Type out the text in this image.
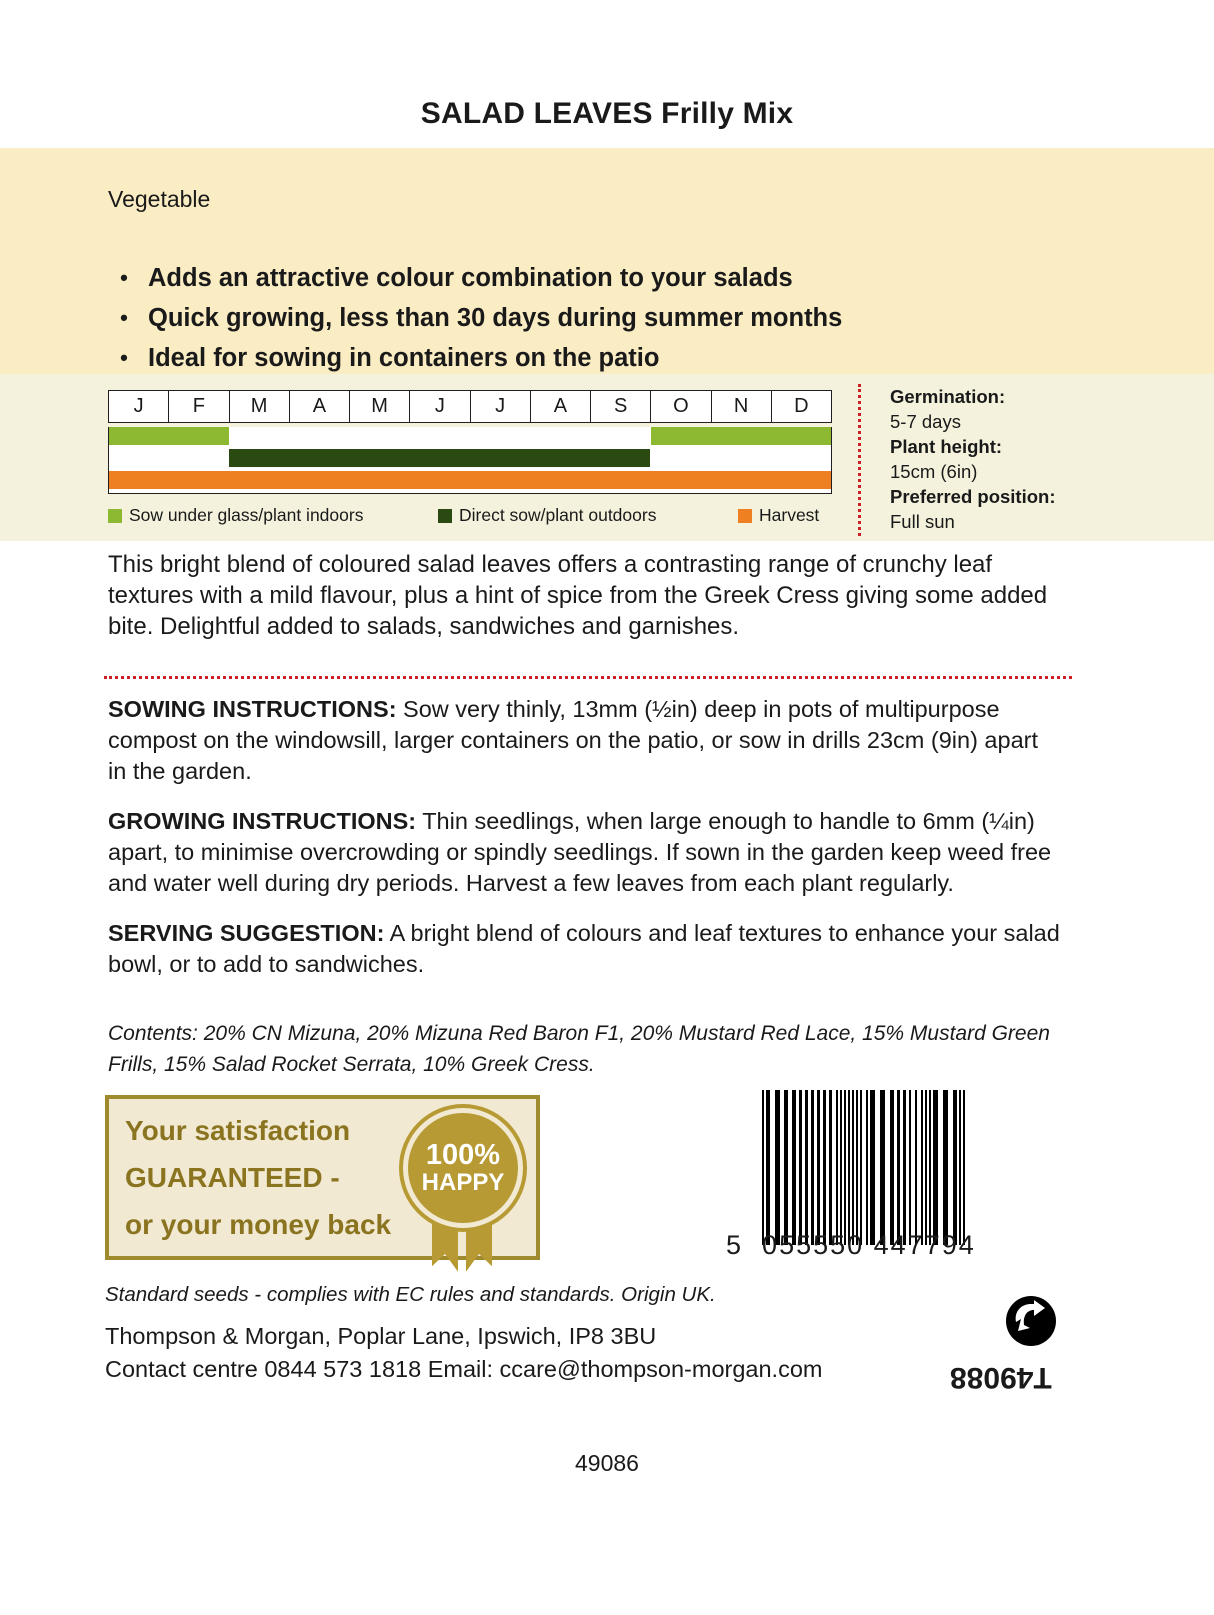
SALAD LEAVES Frilly Mix
Vegetable
• Adds an attractive colour combination to your salads
• Quick growing, less than 30 days during summer months
• Ideal for sowing in containers on the patio
J	F	M	A	M	J	J	A	S	O	N	D
Sow under glass/plant indoors	Direct sow/plant outdoors	Harvest
Germination:
5-7 days
Plant height:
15cm (6in)
Preferred position:
Full sun
This bright blend of coloured salad leaves offers a contrasting range of crunchy leaf textures with a mild flavour, plus a hint of spice from the Greek Cress giving some added bite. Delightful added to salads, sandwiches and garnishes.
SOWING INSTRUCTIONS: Sow very thinly, 13mm (½in) deep in pots of multipurpose compost on the windowsill, larger containers on the patio, or sow in drills 23cm (9in) apart in the garden.
GROWING INSTRUCTIONS: Thin seedlings, when large enough to handle to 6mm (¼in) apart, to minimise overcrowding or spindly seedlings. If sown in the garden keep weed free and water well during dry periods. Harvest a few leaves from each plant regularly.
SERVING SUGGESTION: A bright blend of colours and leaf textures to enhance your salad bowl, or to add to sandwiches.
Contents: 20% CN Mizuna, 20% Mizuna Red Baron F1, 20% Mustard Red Lace, 15% Mustard Green Frills, 15% Salad Rocket Serrata, 10% Greek Cress.
Your satisfaction
GUARANTEED -
or your money back
100%
HAPPY
5 055550 447794
Standard seeds - complies with EC rules and standards. Origin UK.
Thompson & Morgan, Poplar Lane, Ipswich, IP8 3BU
Contact centre 0844 573 1818 Email: ccare@thompson-morgan.com	T49088
49086
